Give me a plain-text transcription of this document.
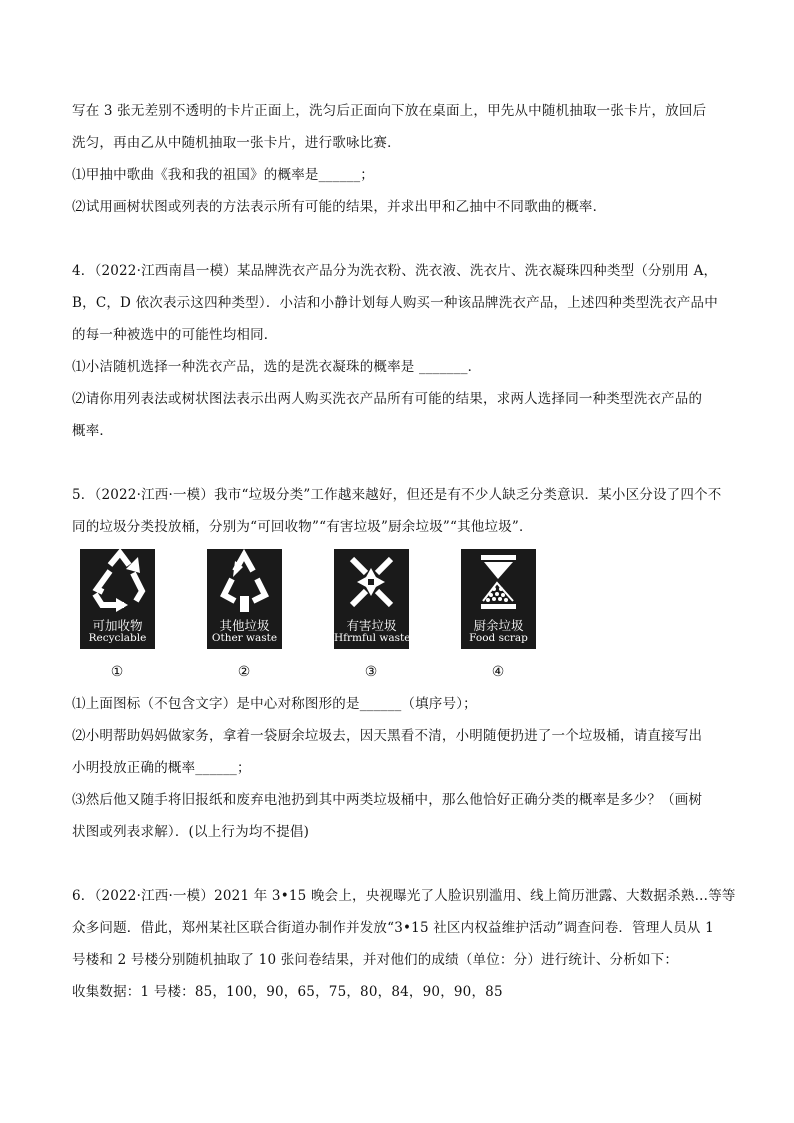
写在 3 张无差别不透明的卡片正面上，洗匀后正面向下放在桌面上，甲先从中随机抽取一张卡片，放回后
洗匀，再由乙从中随机抽取一张卡片，进行歌咏比赛．
⑴甲抽中歌曲《我和我的祖国》的概率是______；
⑵试用画树状图或列表的方法表示所有可能的结果，并求出甲和乙抽中不同歌曲的概率．
4．（2022·江西南昌一模）某品牌洗衣产品分为洗衣粉、洗衣液、洗衣片、洗衣凝珠四种类型（分别用 A，
B，C，D 依次表示这四种类型）．小洁和小静计划每人购买一种该品牌洗衣产品，上述四种类型洗衣产品中
的每一种被选中的可能性均相同．
⑴小洁随机选择一种洗衣产品，选的是洗衣凝珠的概率是 _______．
⑵请你用列表法或树状图法表示出两人购买洗衣产品所有可能的结果，求两人选择同一种类型洗衣产品的
概率．
5．（2022·江西·一模）我市“垃圾分类”工作越来越好，但还是有不少人缺乏分类意识．某小区分设了四个不
同的垃圾分类投放桶，分别为“可回收物”“有害垃圾”厨余垃圾”“其他垃圾”．
可加收物
Recyclable
其他垃圾
Other waste
有害垃圾
Hfrmful waste
厨余垃圾
Food scrap
①	②	③	④
⑴上面图标（不包含文字）是中心对称图形的是______（填序号）；
⑵小明帮助妈妈做家务，拿着一袋厨余垃圾去，因天黑看不清，小明随便扔进了一个垃圾桶，请直接写出
小明投放正确的概率______；
⑶然后他又随手将旧报纸和废弃电池扔到其中两类垃圾桶中，那么他恰好正确分类的概率是多少？（画树
状图或列表求解）．(以上行为均不提倡)
6．（2022·江西·一模）2021 年 3•15 晚会上，央视曝光了人脸识别滥用、线上简历泄露、大数据杀熟…等等
众多问题．借此，郑州某社区联合街道办制作并发放“3•15 社区内权益维护活动”调查问卷．管理人员从 1
号楼和 2 号楼分别随机抽取了 10 张问卷结果，并对他们的成绩（单位：分）进行统计、分析如下：
收集数据：1 号楼：85，100，90，65，75，80，84，90，90，85
